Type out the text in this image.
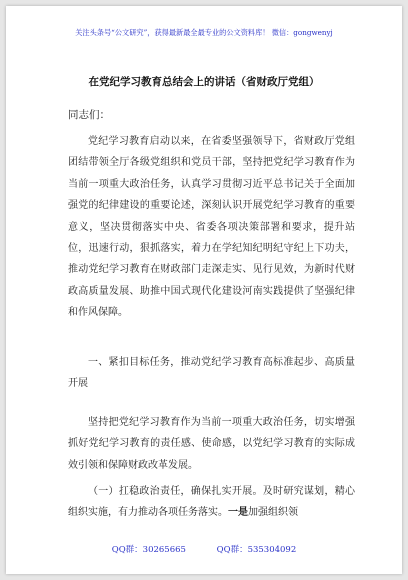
关注头条号“公文研究”，获得最新最全最专业的公文资料库！ 微信：gongwenyj
在党纪学习教育总结会上的讲话（省财政厅党组）
同志们：

党纪学习教育启动以来，在省委坚强领导下，省财政厅党组团结带领全厅各级党组织和党员干部，坚持把党纪学习教育作为当前一项重大政治任务，认真学习贯彻习近平总书记关于全面加强党的纪律建设的重要论述，深刻认识开展党纪学习教育的重要意义，坚决贯彻落实中央、省委各项决策部署和要求，提升站位，迅速行动，狠抓落实，着力在学纪知纪明纪守纪上下功夫，推动党纪学习教育在财政部门走深走实、见行见效，为新时代财政高质量发展、助推中国式现代化建设河南实践提供了坚强纪律和作风保障。

一、紧扣目标任务，推动党纪学习教育高标准起步、高质量开展

坚持把党纪学习教育作为当前一项重大政治任务，切实增强抓好党纪学习教育的责任感、使命感，以党纪学习教育的实际成效引领和保障财政改革发展。

（一）扛稳政治责任，确保扎实开展。及时研究谋划，精心组织实施，有力推动各项任务落实。一是加强组织领

QQ群：30265665	QQ群：535304092
